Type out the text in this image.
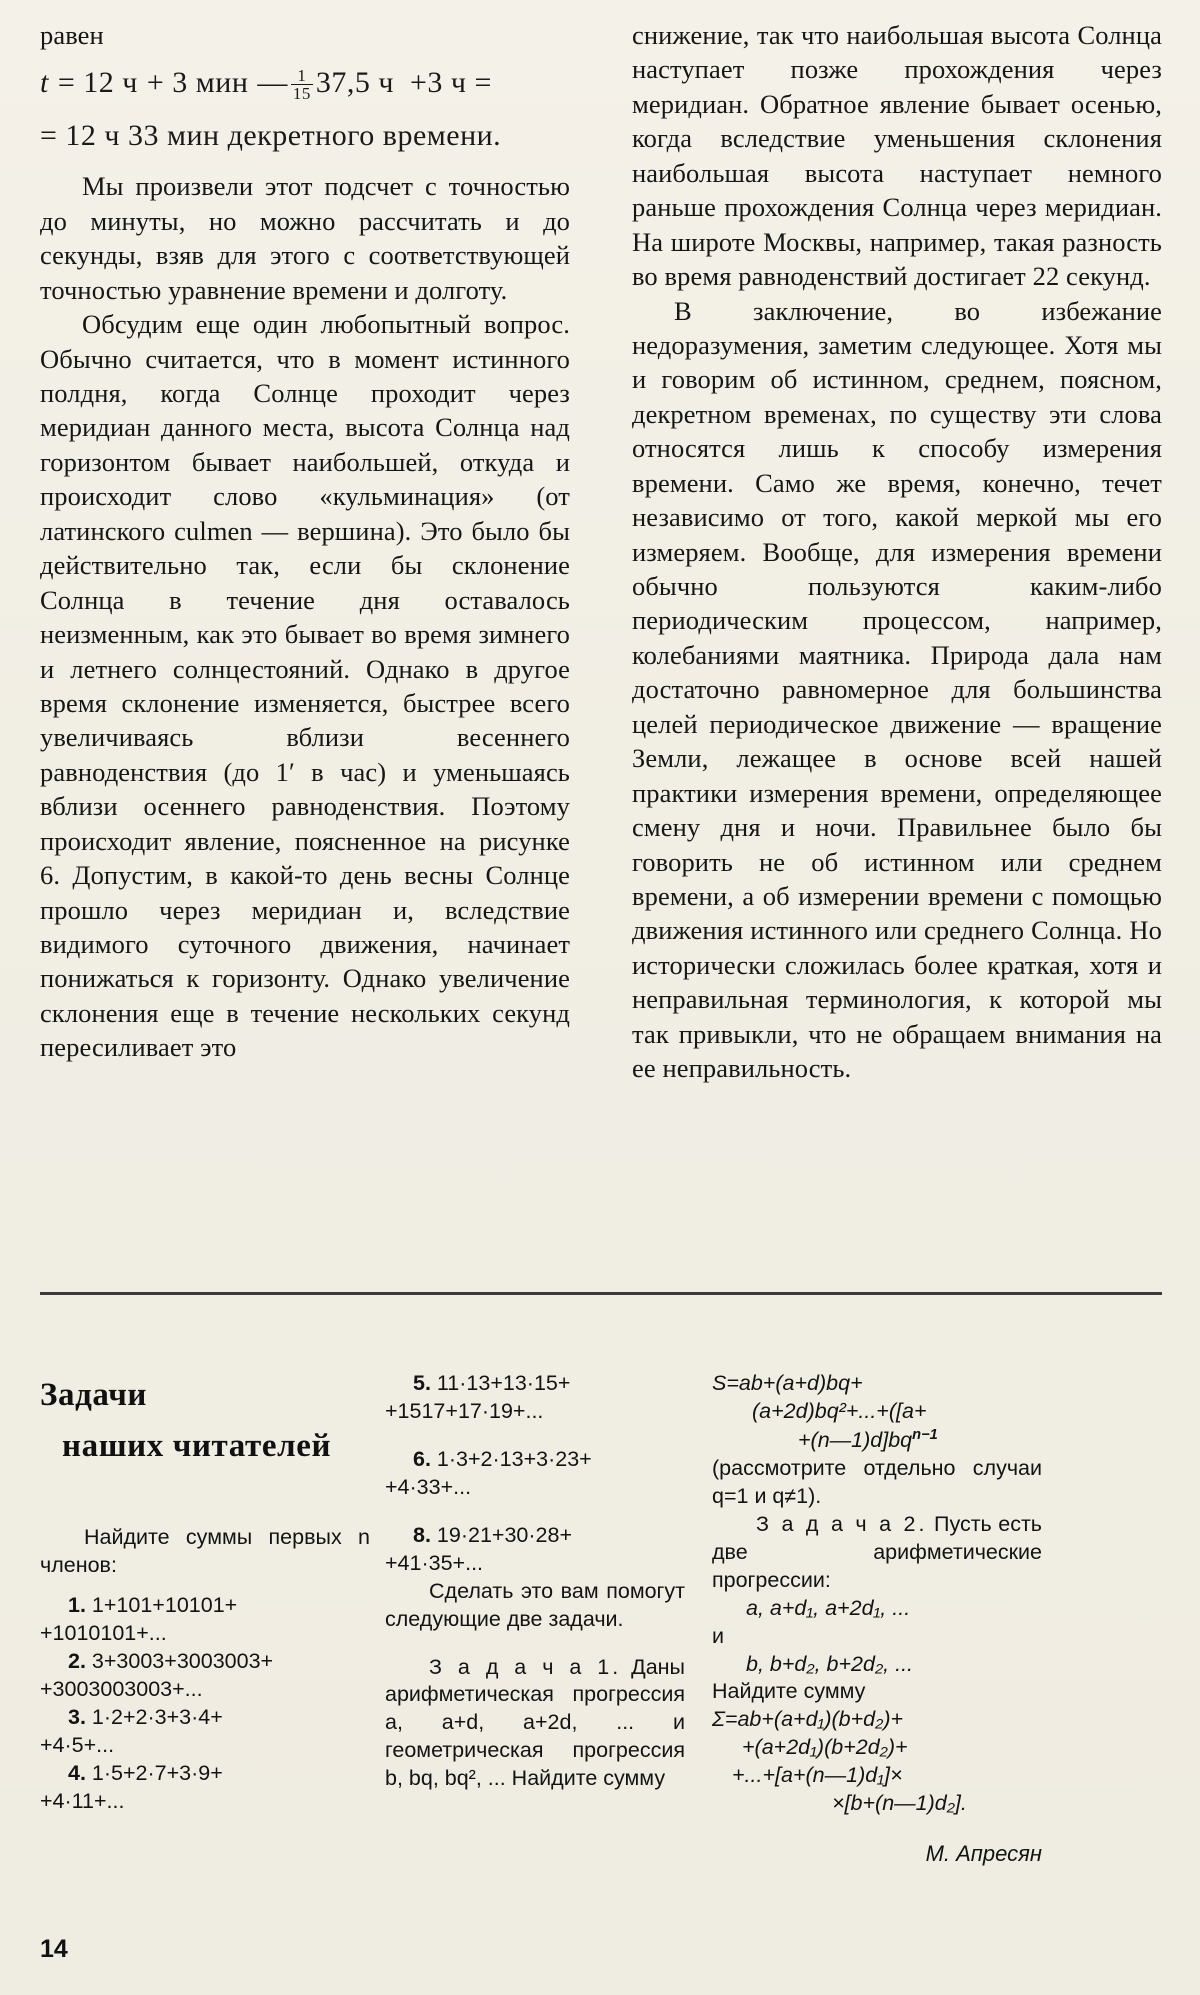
равен
t = 12 ч + 3 мин — $\frac{1}{15} 37,5$ ч +3 ч =
= 12 ч 33 мин декретного времени.

Мы произвели этот подсчет с точностью до минуты, но можно рассчитать и до секунды, взяв для этого с соответствующей точностью уравнение времени и долготу.

Обсудим еще один любопытный вопрос. Обычно считается, что в момент истинного полдня, когда Солнце проходит через меридиан данного места, высота Солнца над горизонтом бывает наибольшей, откуда и происходит слово «кульминация» (от латинского culmen — вершина). Это было бы действительно так, если бы склонение Солнца в течение дня оставалось неизменным, как это бывает во время зимнего и летнего солнцестояний. Однако в другое время склонение изменяется, быстрее всего увеличиваясь вблизи весеннего равноденствия (до 1′ в час) и уменьшаясь вблизи осеннего равноденствия. Поэтому происходит явление, поясненное на рисунке 6. Допустим, в какой-то день весны Солнце прошло через меридиан и, вследствие видимого суточного движения, начинает понижаться к горизонту. Однако увеличение склонения еще в течение нескольких секунд пересиливает это

снижение, так что наибольшая высота Солнца наступает позже прохождения через меридиан. Обратное явление бывает осенью, когда вследствие уменьшения склонения наибольшая высота наступает немного раньше прохождения Солнца через меридиан. На широте Москвы, например, такая разность во время равноденствий достигает 22 секунд.

В заключение, во избежание недоразумения, заметим следующее. Хотя мы и говорим об истинном, среднем, поясном, декретном временах, по существу эти слова относятся лишь к способу измерения времени. Само же время, конечно, течет независимо от того, какой меркой мы его измеряем. Вообще, для измерения времени обычно пользуются каким-либо периодическим процессом, например, колебаниями маятника. Природа дала нам достаточно равномерное для большинства целей периодическое движение — вращение Земли, лежащее в основе всей нашей практики измерения времени, определяющее смену дня и ночи. Правильнее было бы говорить не об истинном или среднем времени, а об измерении времени с помощью движения истинного или среднего Солнца. Но исторически сложилась более краткая, хотя и неправильная терминология, к которой мы так привыкли, что не обращаем внимания на ее неправильность.

Задачи
наших читателей

Найдите суммы первых n членов:

1. 1+101+10101+

+1010101+...

2. 3+3003+3003003+

+3003003003+...

3. 1·2+2·3+3·4+

+4·5+...

4. 1·5+2·7+3·9+

+4·11+...

5. 11·13+13·15+

+1517+17·19+...

6. 1·3+2·13+3·23+

+4·33+...

8. 19·21+30·28+

+41·35+...

Сделать это вам помогут следующие две задачи.

З а д а ч а 1. Даны арифметическая прогрессия a, a+d, a+2d, ... и геометрическая прогрессия b, bq, bq², ... Найдите сумму

S=ab+(a+d)bq+

(a+2d)bq²+...+([a+

$+(n—1)d]bq^{n-1}$

(рассмотрите отдельно случаи q=1 и q≠1).

З а д а ч а 2. Пусть есть две арифметические прогрессии:

a, a+d₁, a+2d₁, ...

и

b, b+d₂, b+2d₂, ...

Найдите сумму

Σ=ab+(a+d₁)(b+d₂)+

+(a+2d₁)(b+2d₂)+

+...+[a+(n—1)d₁]×

×[b+(n—1)d₂].

М. Апресян
14
